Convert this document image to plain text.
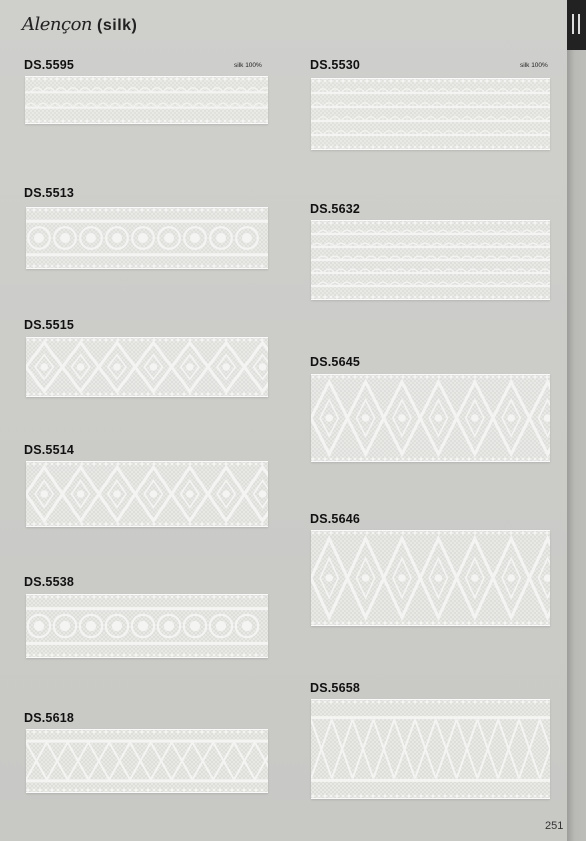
Alençon (silk)
DS.5595	silk 100%
DS.5513
DS.5515
DS.5514
DS.5538
DS.5618
DS.5530	silk 100%
DS.5632
DS.5645
DS.5646
DS.5658
251
